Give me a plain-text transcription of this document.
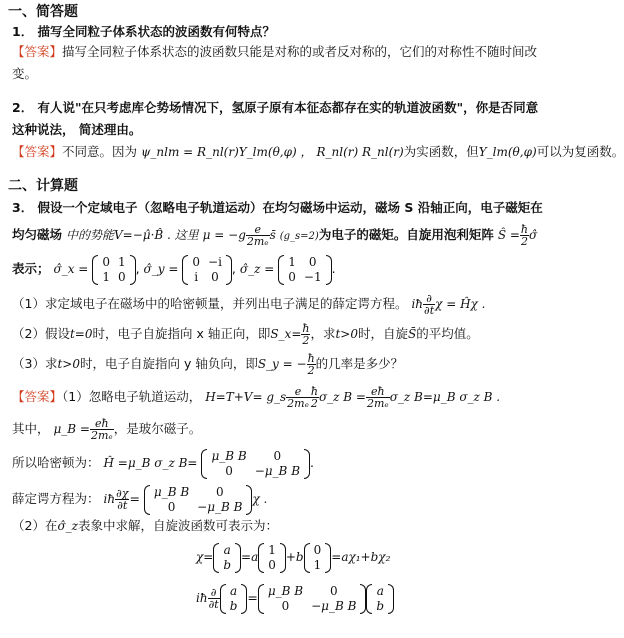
一、简答题
1． 描写全同粒子体系状态的波函数有何特点？
【答案】描写全同粒子体系状态的波函数只能是对称的或者反对称的，它们的对称性不随时间改
变。
2． 有人说"在只考虑库仑势场情况下，氢原子原有本征态都存在实的轨道波函数"，你是否同意
这种说法， 简述理由。
【答案】不同意。因为 ψ_nlm = R_nl(r)Y_lm(θ,φ) ， R_nl(r) R_nl(r)为实函数，但Y_lm(θ,φ)可以为复函数。
二、计算题
3． 假设一个定域电子（忽略电子轨道运动）在均匀磁场中运动，磁场 S 沿轴正向，电子磁矩在
均匀磁场 中的势能V=−μ̂·B̂ . 这里 $\mu = -g \frac{e}{\text{2mₑ}}$ s̄ (g_s=2)为电子的磁矩。自旋用泡利矩阵 Ŝ = $\frac{ħ}{2}$ σ̂
表示； σ̂_x =
0	1
1	0
, σ̂_y =
0	−i
i	0
, σ̂_z =
1	0
0	−1
.
（1）求定域电子在磁场中的哈密顿量，并列出电子满足的薛定谔方程。 iħ $\frac{\partial}{\partial t}$ χ = Ĥχ .
（2）假设t=0时，电子自旋指向 x 轴正向，即S_x= $\frac{ħ}{2}$ ，求t>0时，自旋S̄的平均值。
（3）求t>0时，电子自旋指向 y 轴负向，即S_y = − $\frac{ħ}{2}$ 的几率是多少？
【答案】（1）忽略电子轨道运动， H=T+V= g_s $\frac{e}{\text{2mₑ}} \frac{ħ}{2}$ σ_z $B = \frac{eħ}{\text{2mₑ}}$ σ_z B=μ_B σ_z B .
其中， μ_B = $\frac{eħ}{\text{2mₑ}}$ ，是玻尔磁子。
所以哈密顿为： Ĥ =μ_B σ_z B=
μ_B B	0
0	−μ_B B
.
薛定谔方程为： iħ $\frac{\partial\chi}{\partial t}$ = μ_B B	0
0	−μ_B B
χ .
（2）在σ̂_z表象中求解，自旋波函数可表示为：
χ=
a
b
=a
1
0
+b
0
1
=aχ₁+bχ₂
iħ $\frac{\partial}{\partial t}$ a
b
= μ_B B	0
0	−μ_B B
a
b
